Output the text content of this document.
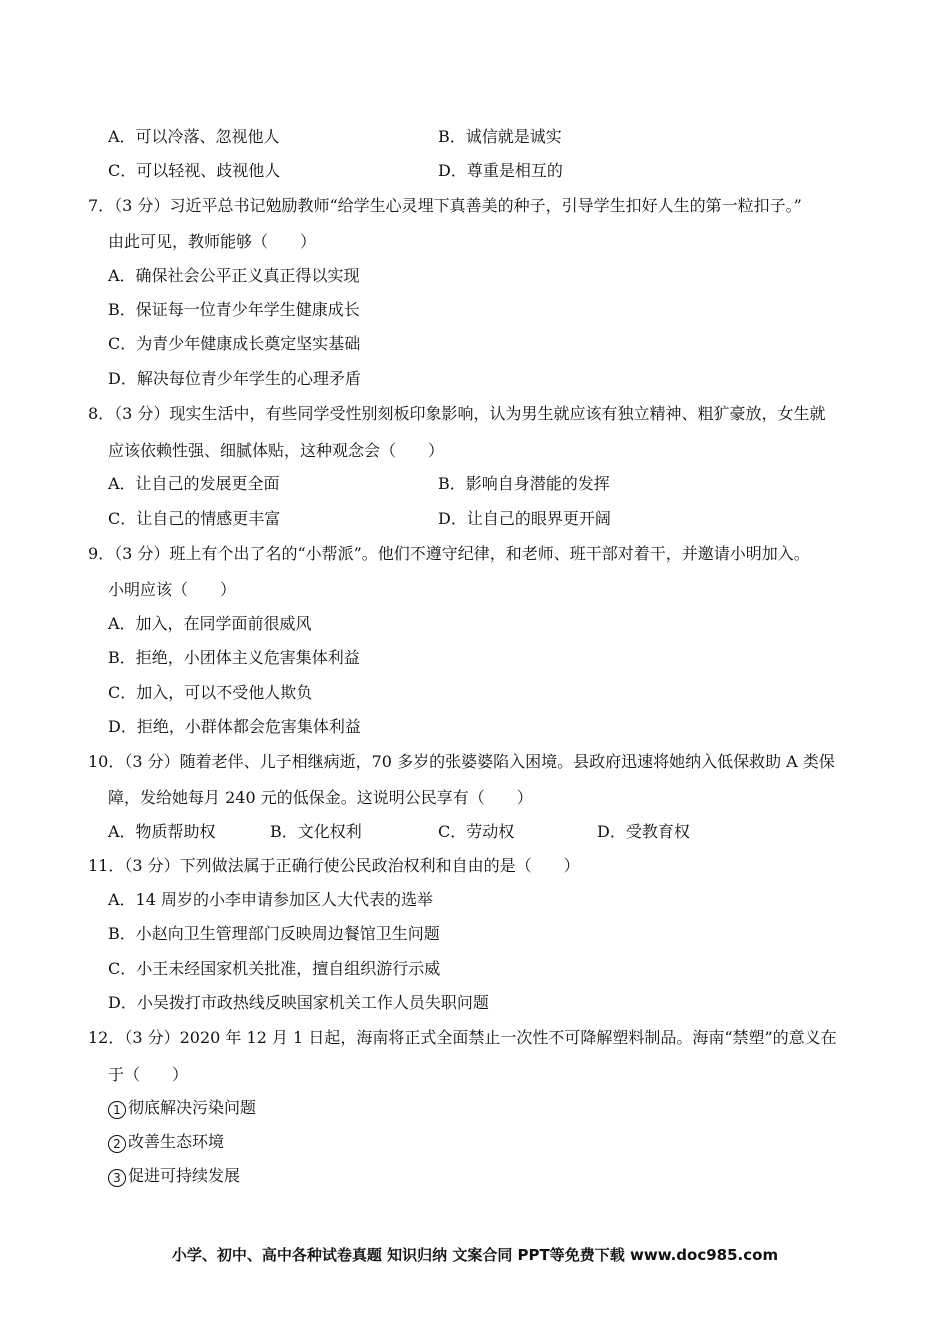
A．可以冷落、忽视他人	B．诚信就是诚实
C．可以轻视、歧视他人	D．尊重是相互的
7．（3 分）习近平总书记勉励教师“给学生心灵埋下真善美的种子，引导学生扣好人生的第一粒扣子。”
由此可见，教师能够（　　）
A．确保社会公平正义真正得以实现
B．保证每一位青少年学生健康成长
C．为青少年健康成长奠定坚实基础
D．解决每位青少年学生的心理矛盾
8．（3 分）现实生活中，有些同学受性别刻板印象影响，认为男生就应该有独立精神、粗犷豪放，女生就
应该依赖性强、细腻体贴，这种观念会（　　）
A．让自己的发展更全面	B．影响自身潜能的发挥
C．让自己的情感更丰富	D．让自己的眼界更开阔
9．（3 分）班上有个出了名的“小帮派”。他们不遵守纪律，和老师、班干部对着干，并邀请小明加入。
小明应该（　　）
A．加入，在同学面前很威风
B．拒绝，小团体主义危害集体利益
C．加入，可以不受他人欺负
D．拒绝，小群体都会危害集体利益
10．（3 分）随着老伴、儿子相继病逝，70 多岁的张婆婆陷入困境。县政府迅速将她纳入低保救助 A 类保
障，发给她每月 240 元的低保金。这说明公民享有（　　）
A．物质帮助权	B．文化权利	C．劳动权	D．受教育权
11．（3 分）下列做法属于正确行使公民政治权利和自由的是（　　）
A．14 周岁的小李申请参加区人大代表的选举
B．小赵向卫生管理部门反映周边餐馆卫生问题
C．小王未经国家机关批准，擅自组织游行示威
D．小吴拨打市政热线反映国家机关工作人员失职问题
12．（3 分）2020 年 12 月 1 日起，海南将正式全面禁止一次性不可降解塑料制品。海南“禁塑”的意义在
于（　　）
1 彻底解决污染问题
2 改善生态环境
3 促进可持续发展
小学、初中、高中各种试卷真题 知识归纳 文案合同 PPT等免费下载 www.doc985.com
